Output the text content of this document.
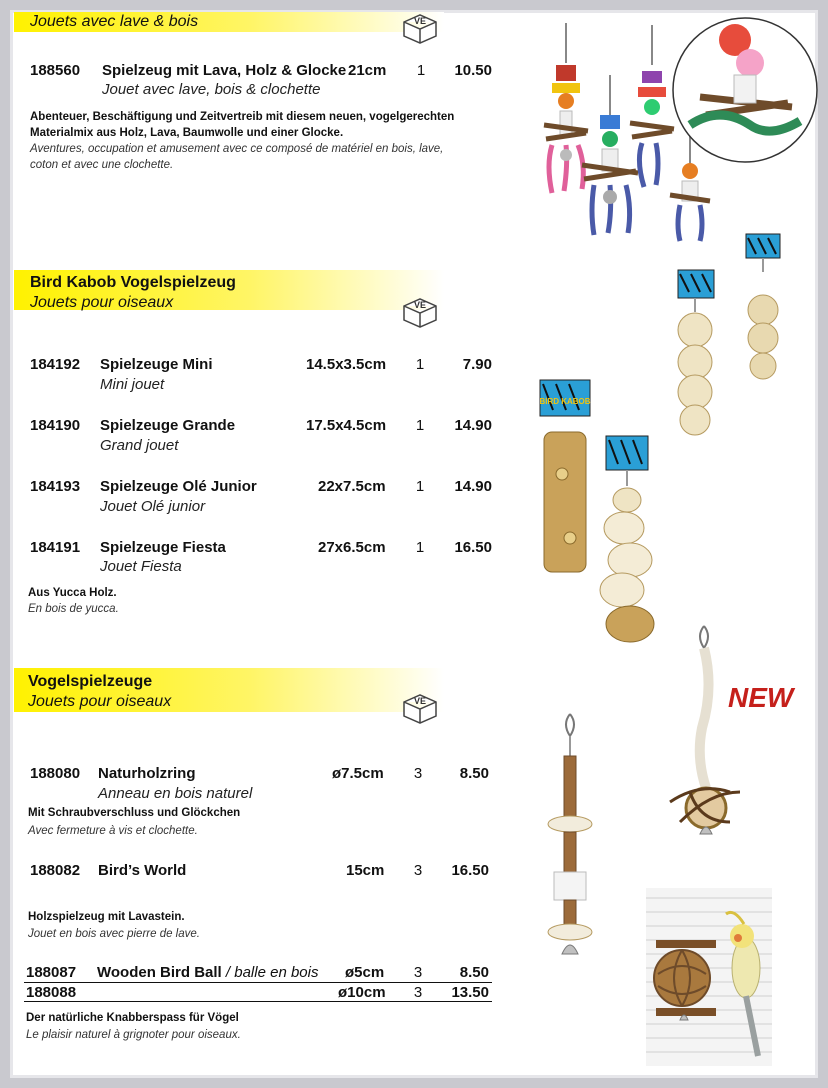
Jouets avec lave & bois	VE
188560 Spielzeug mit Lava, Holz & Glocke 21cm	1	10.50
Jouet avec lave, bois & clochette
Abenteuer, Beschäftigung und Zeitvertreib mit diesem neuen, vogelgerechten
Materialmix aus Holz, Lava, Baumwolle und einer Glocke.
Aventures, occupation et amusement avec ce composé de matériel en bois, lave,
coton et avec une clochette.
Bird Kabob Vogelspielzeug
Jouets pour oiseaux	VE
184192 Spielzeuge Mini	14.5x3.5cm	1	7.90
Mini jouet
184190 Spielzeuge Grande	17.5x4.5cm	1	14.90
Grand jouet
184193 Spielzeuge Olé Junior	22x7.5cm	1	14.90
Jouet Olé junior
184191 Spielzeuge Fiesta	27x6.5cm	1	16.50
Jouet Fiesta
Aus Yucca Holz.
En bois de yucca.
BIRD KABOB
Vogelspielzeuge
Jouets pour oiseaux	VE	NEW
188080 Naturholzring	ø7.5cm	3	8.50
Anneau en bois naturel
Mit Schraubverschluss und Glöckchen
Avec fermeture à vis et clochette.
188082 Bird’s World	15cm	3	16.50
Holzspielzeug mit Lavastein.
Jouet en bois avec pierre de lave.
188087 Wooden Bird Ball / balle en bois ø5cm	3	8.50
188088	ø10cm	3	13.50
Der natürliche Knabberspass für Vögel
Le plaisir naturel à grignoter pour oiseaux.
